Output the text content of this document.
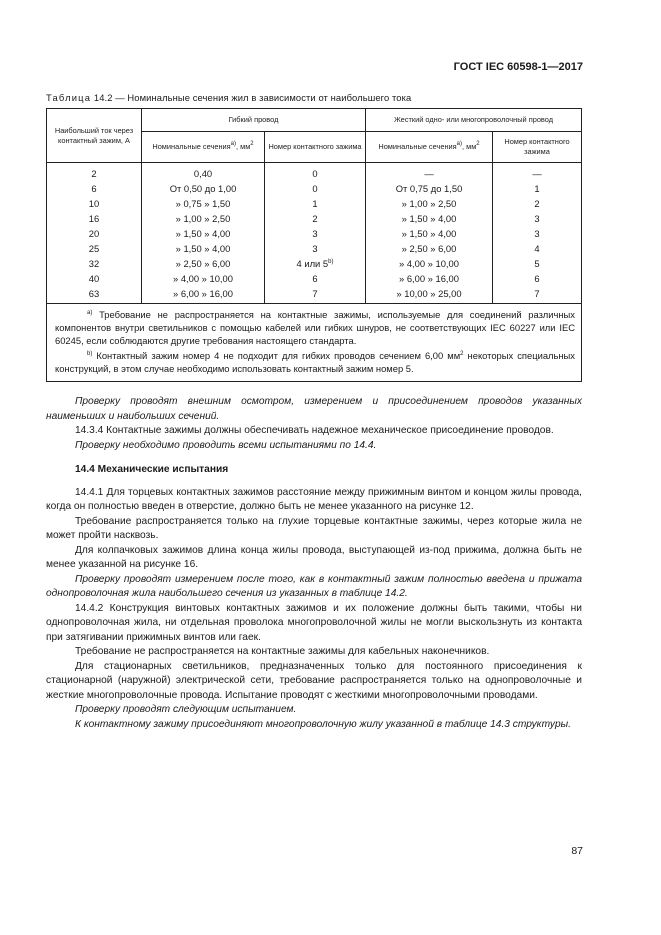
ГОСТ IEC 60598-1—2017
Таблица 14.2 — Номинальные сечения жил в зависимости от наибольшего тока
Наибольший ток через контактный зажим, А	Гибкий провод		Жесткий одно- или многопроволочный провод	
	Номинальные сечения$^{a)}$, $мм^2$	Номер контактного зажима	Номинальные сечения$^{a)}$, $мм^2$	Номер контактного зажима
2	0,40	0	—	—
6	От 0,50 до 1,00	0	От 0,75 до 1,50	1
10	» 0,75 » 1,50	1	» 1,00 » 2,50	2
16	» 1,00 » 2,50	2	» 1,50 » 4,00	3
20	» 1,50 » 4,00	3	» 1,50 » 4,00	3
25	» 1,50 » 4,00	3	» 2,50 » 6,00	4
32	» 2,50 » 6,00	4 или 5$^{b)}$	» 4,00 » 10,00	5
40	» 4,00 » 10,00	6	» 6,00 » 16,00	6
63	» 6,00 » 16,00	7	» 10,00 » 25,00	7

$^{a)}$ Требование не распространяется на контактные зажимы, используемые для соединений различных компонентов внутри светильников с помощью кабелей или гибких шнуров, не соответствующих IEC 60227 или IEC 60245, если соблюдаются другие требования настоящего стандарта.

$^{b)}$ Контактный зажим номер 4 не подходит для гибких проводов сечением 6,00 $мм^2$ некоторых специальных конструкций, в этом случае необходимо использовать контактный зажим номер 5.				

Проверку проводят внешним осмотром, измерением и присоединением проводов указанных наименьших и наибольших сечений.

14.3.4 Контактные зажимы должны обеспечивать надежное механическое присоединение проводов.

Проверку необходимо проводить всеми испытаниями по 14.4.

14.4 Механические испытания

14.4.1 Для торцевых контактных зажимов расстояние между прижимным винтом и концом жилы провода, когда он полностью введен в отверстие, должно быть не менее указанного на рисунке 12.

Требование распространяется только на глухие торцевые контактные зажимы, через которые жила не может пройти насквозь.

Для колпачковых зажимов длина конца жилы провода, выступающей из-под прижима, должна быть не менее указанной на рисунке 16.

Проверку проводят измерением после того, как в контактный зажим полностью введена и прижата однопроволочная жила наибольшего сечения из указанных в таблице 14.2.

14.4.2 Конструкция винтовых контактных зажимов и их положение должны быть такими, чтобы ни однопроволочная жила, ни отдельная проволока многопроволочной жилы не могли выскользнуть из контакта при затягивании прижимных винтов или гаек.

Требование не распространяется на контактные зажимы для кабельных наконечников.

Для стационарных светильников, предназначенных только для постоянного присоединения к стационарной (наружной) электрической сети, требование распространяется только на однопроволочные и жесткие многопроволочные провода. Испытание проводят с жесткими многопроволочными проводами.

Проверку проводят следующим испытанием.

К контактному зажиму присоединяют многопроволочную жилу указанной в таблице 14.3 структуры.

87
